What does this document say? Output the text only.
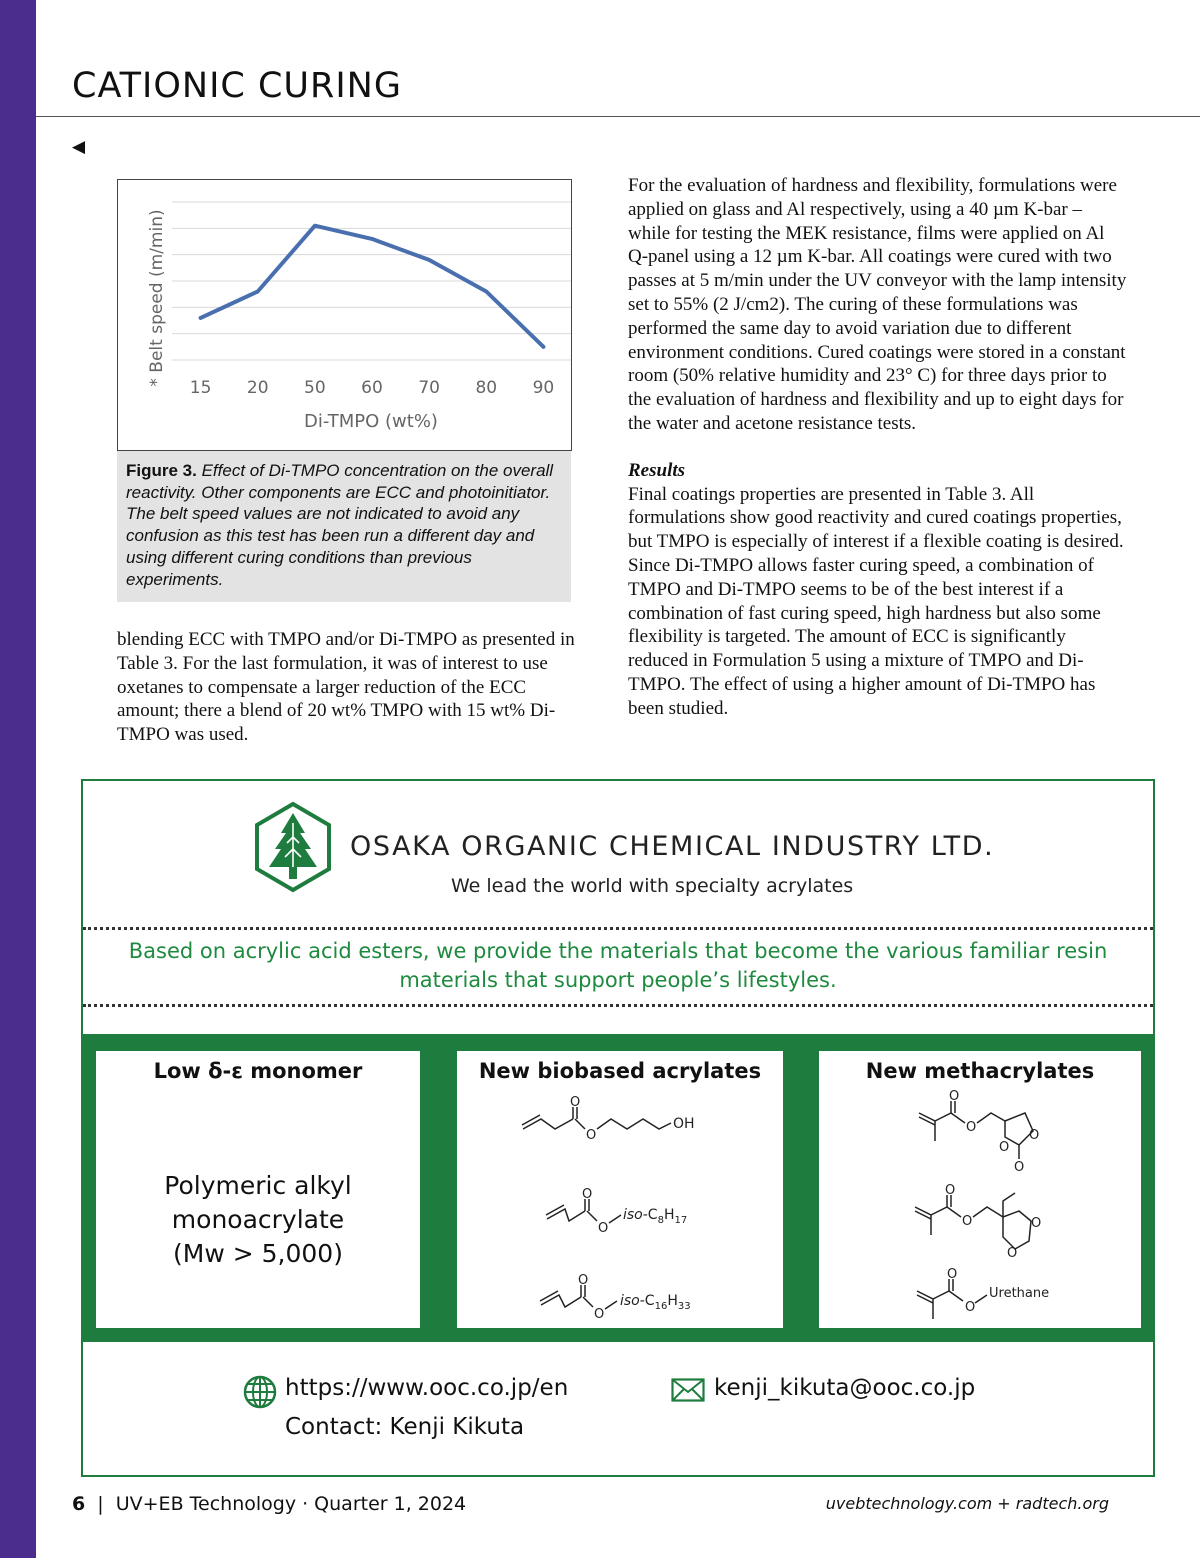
CATIONIC CURING
◀
* Belt speed (m/min)
15 20 50 60 70 80 90
Di-TMPO (wt%)
Figure 3. Effect of Di-TMPO concentration on the overall reactivity. Other components are ECC and photoinitiator. The belt speed values are not indicated to avoid any confusion as this test has been run a different day and using different curing conditions than previous experiments.

blending ECC with TMPO and/or Di-TMPO as presented in Table 3. For the last formulation, it was of interest to use oxetanes to compensate a larger reduction of the ECC amount; there a blend of 20 wt% TMPO with 15 wt% Di-TMPO was used.

For the evaluation of hardness and flexibility, formulations were applied on glass and Al respectively, using a 40 µm K-bar – while for testing the MEK resistance, films were applied on Al Q-panel using a 12 µm K-bar. All coatings were cured with two passes at 5 m/min under the UV conveyor with the lamp intensity set to 55% (2 J/cm2). The curing of these formulations was performed the same day to avoid variation due to different environment conditions. Cured coatings were stored in a constant room (50% relative humidity and 23° C) for three days prior to the evaluation of hardness and flexibility and up to eight days for the water and acetone resistance tests.

Results

Final coatings properties are presented in Table 3. All formulations show good reactivity and cured coatings properties, but TMPO is especially of interest if a flexible coating is desired. Since Di-TMPO allows faster curing speed, a combination of TMPO and Di-TMPO seems to be of the best interest if a combination of fast curing speed, high hardness but also some flexibility is targeted. The amount of ECC is significantly reduced in Formulation 5 using a mixture of TMPO and Di-TMPO. The effect of using a higher amount of Di-TMPO has been studied.

OSAKA ORGANIC CHEMICAL INDUSTRY LTD.
We lead the world with specialty acrylates
Based on acrylic acid esters, we provide the materials that become the various familiar resin materials that support people’s lifestyles.
Low δ-ε monomer
Polymeric alkyl
monoacrylate
(Mw > 5,000)
New biobased acrylates
O
O
OH
O
O
iso-$C_8H_{17}$
O
O
iso-$C_{16}H_{33}$
New methacrylates
O
O
O
O
O
O
O	O
O
O
O
Urethane
https://www.ooc.co.jp/en	kenji_kikuta@ooc.co.jp
Contact: Kenji Kikuta
6 | UV+EB Technology · Quarter 1, 2024	uvebtechnology.com + radtech.org
